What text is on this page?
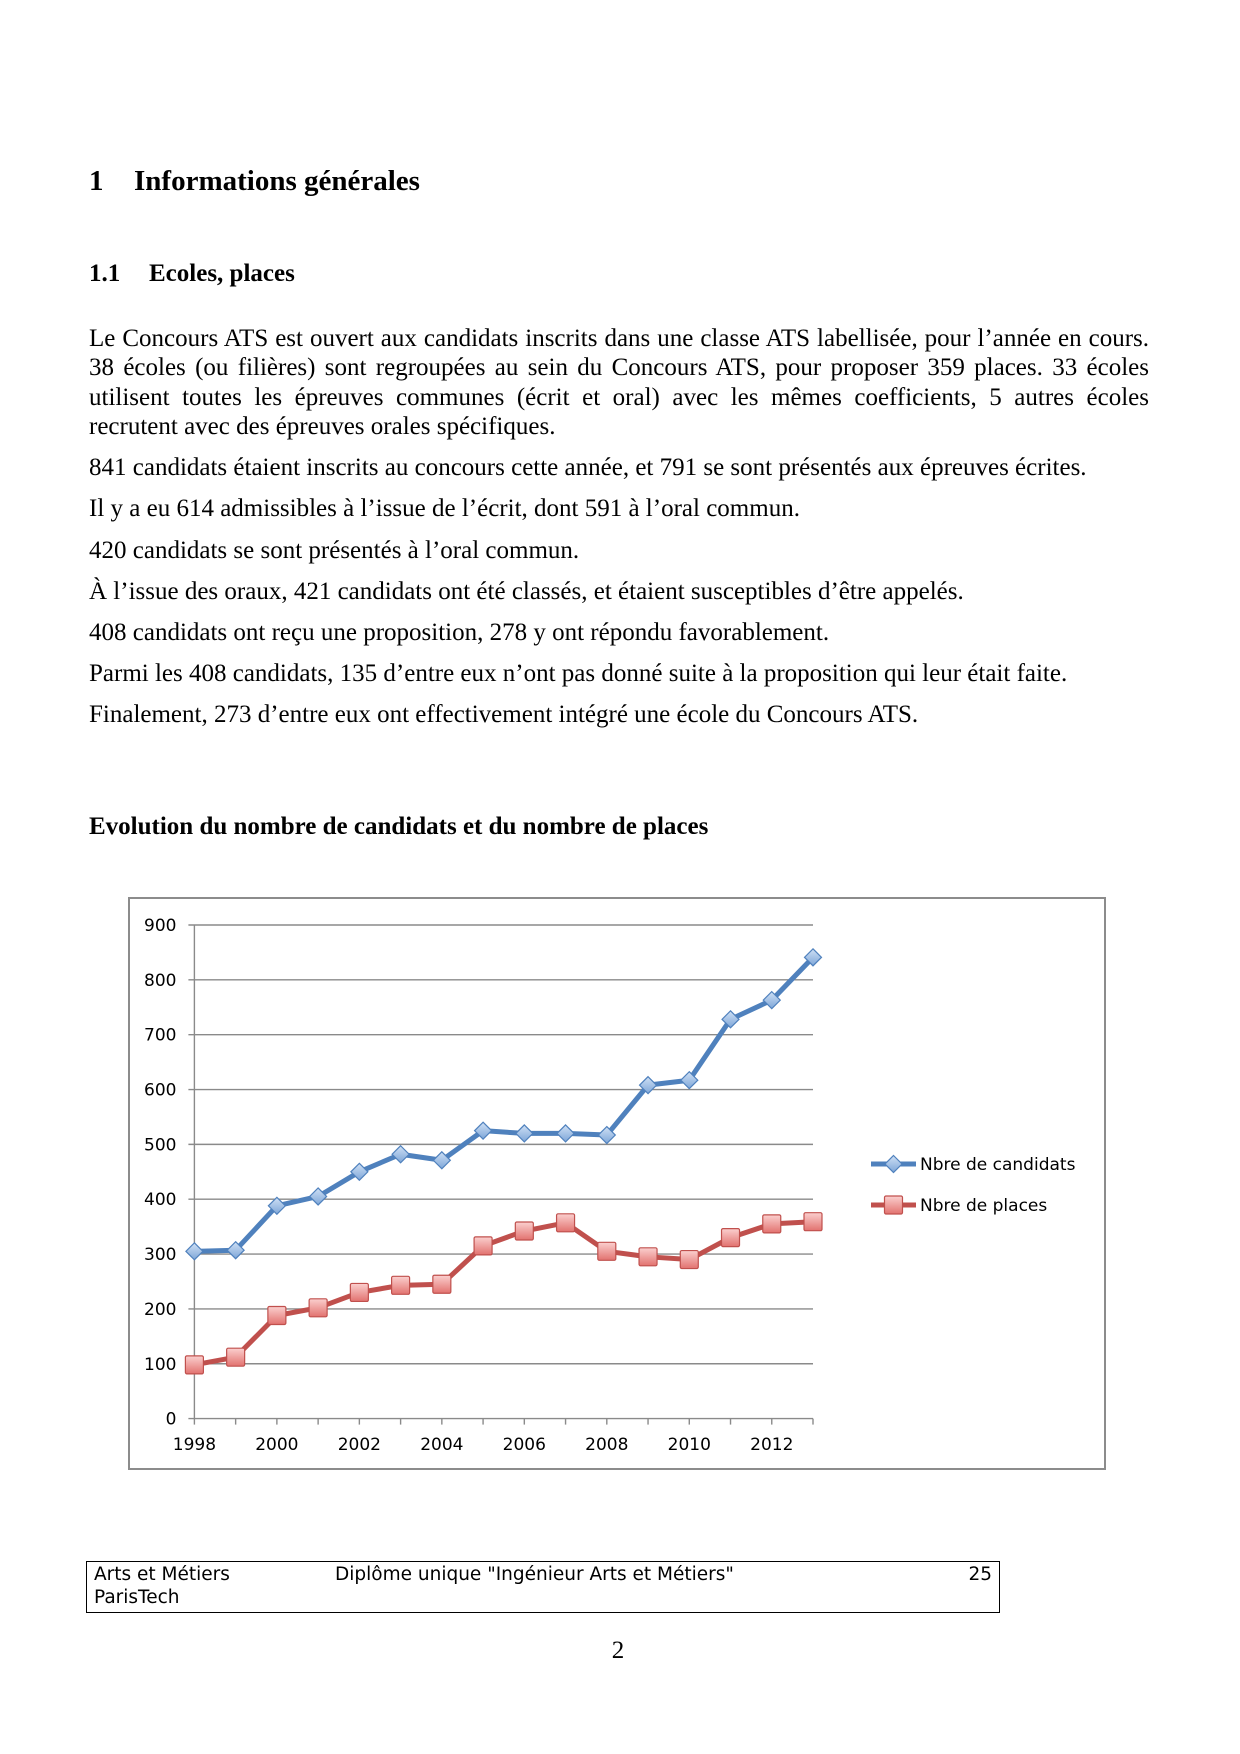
1 Informations générales
1.1 Ecoles, places
Le Concours ATS est ouvert aux candidats inscrits dans une classe ATS labellisée, pour l’année en cours.
38 écoles (ou filières) sont regroupées au sein du Concours ATS, pour proposer 359 places. 33 écoles
utilisent toutes les épreuves communes (écrit et oral) avec les mêmes coefficients, 5 autres écoles
recrutent avec des épreuves orales spécifiques.

841 candidats étaient inscrits au concours cette année, et 791 se sont présentés aux épreuves écrites.

Il y a eu 614 admissibles à l’issue de l’écrit, dont 591 à l’oral commun.

420 candidats se sont présentés à l’oral commun.

À l’issue des oraux, 421 candidats ont été classés, et étaient susceptibles d’être appelés.

408 candidats ont reçu une proposition, 278 y ont répondu favorablement.

Parmi les 408 candidats, 135 d’entre eux n’ont pas donné suite à la proposition qui leur était faite.

Finalement, 273 d’entre eux ont effectivement intégré une école du Concours ATS.

Evolution du nombre de candidats et du nombre de places
0
100
200
300
400
500
600
700
800
900
1998 2000 2002 2004 2006 2008 2010 2012
Nbre de candidats
Nbre de places
Arts et Métiers
ParisTech
Diplôme unique "Ingénieur Arts et Métiers"	25
2
